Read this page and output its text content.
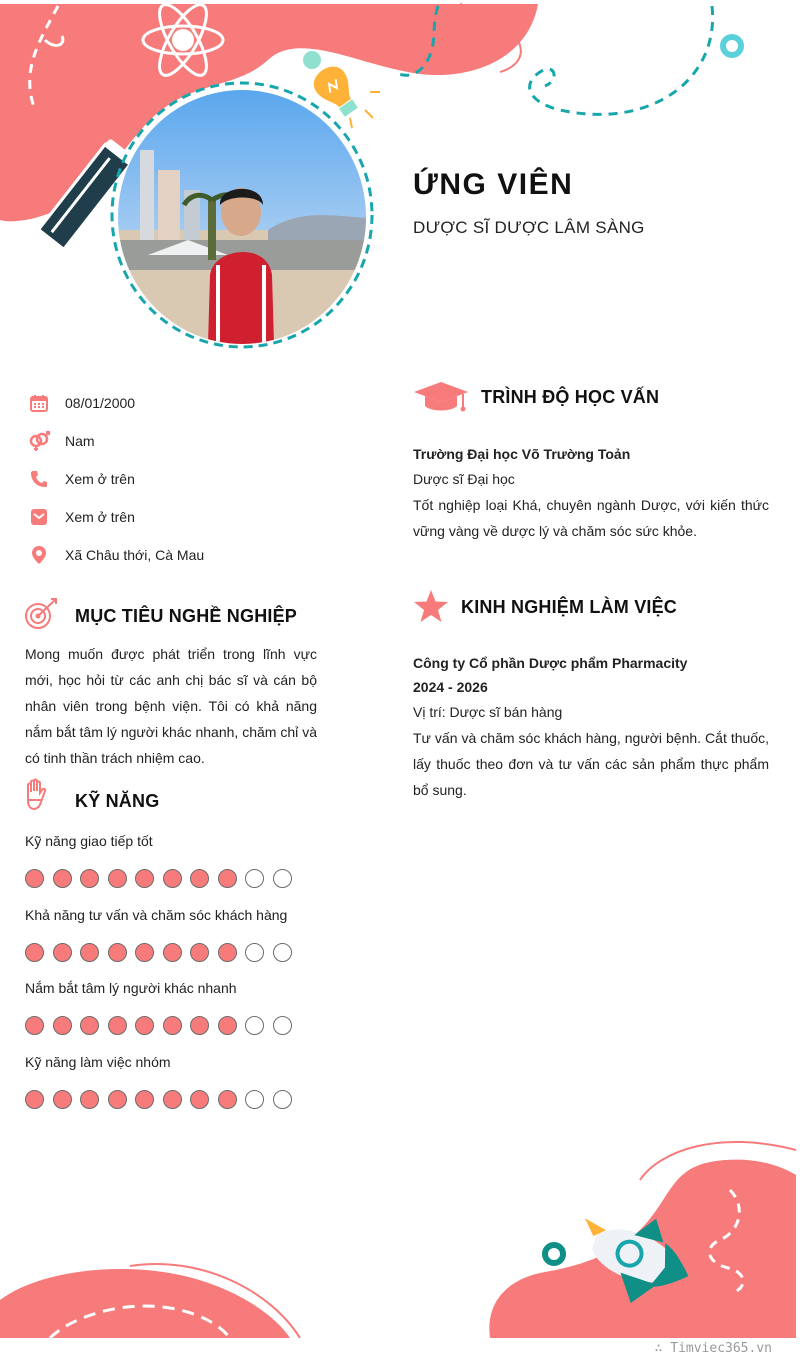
ỨNG VIÊN
DƯỢC SĨ DƯỢC LÂM SÀNG
08/01/2000
Nam
Xem ở trên
Xem ở trên
Xã Châu thới, Cà Mau
MỤC TIÊU NGHỀ NGHIỆP
Mong muốn được phát triển trong lĩnh vực mới, học hỏi từ các anh chị bác sĩ và cán bộ nhân viên trong bệnh viện. Tôi có khả năng nắm bắt tâm lý người khác nhanh, chăm chỉ và có tinh thần trách nhiệm cao.
KỸ NĂNG
Kỹ năng giao tiếp tốt
Khả năng tư vấn và chăm sóc khách hàng
Nắm bắt tâm lý người khác nhanh
Kỹ năng làm việc nhóm
TRÌNH ĐỘ HỌC VẤN
Trường Đại học Võ Trường Toản
Dược sĩ Đại học
Tốt nghiệp loại Khá, chuyên ngành Dược, với kiến thức vững vàng về dược lý và chăm sóc sức khỏe.
KINH NGHIỆM LÀM VIỆC
Công ty Cổ phần Dược phẩm Pharmacity
2024 - 2026
Vị trí: Dược sĩ bán hàng
Tư vấn và chăm sóc khách hàng, người bệnh. Cắt thuốc, lấy thuốc theo đơn và tư vấn các sản phẩm thực phẩm bổ sung.
∴ Timviec365.vn
